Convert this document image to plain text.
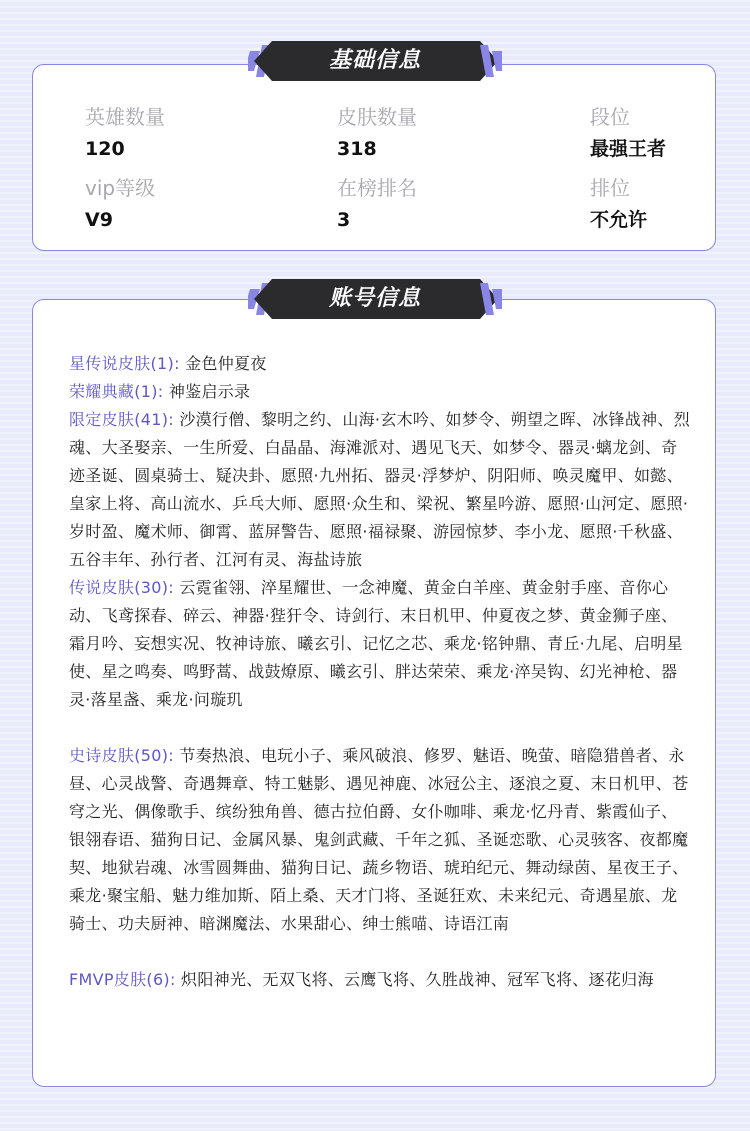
英雄数量
120
皮肤数量
318
段位
最强王者
vip等级
V9
在榜排名
3
排位
不允许
基础信息
星传说皮肤(1): 金色仲夏夜
荣耀典藏(1): 神鉴启示录
限定皮肤(41): 沙漠行僧、黎明之约、山海·玄木吟、如梦令、朔望之晖、冰锋战神、烈魂、大圣娶亲、一生所爱、白晶晶、海滩派对、遇见飞天、如梦令、器灵·螭龙剑、奇迹圣诞、圆桌骑士、疑决卦、愿照·九州拓、器灵·浮梦炉、阴阳师、唤灵魔甲、如懿、皇家上将、高山流水、乒乓大师、愿照·众生和、梁祝、繁星吟游、愿照·山河定、愿照·岁时盈、魔术师、御霄、蓝屏警告、愿照·福禄聚、游园惊梦、李小龙、愿照·千秋盛、五谷丰年、孙行者、江河有灵、海盐诗旅
传说皮肤(30): 云霓雀翎、淬星耀世、一念神魔、黄金白羊座、黄金射手座、音你心动、飞鸢探春、碎云、神器·狴犴令、诗剑行、末日机甲、仲夏夜之梦、黄金狮子座、霜月吟、妄想实况、牧神诗旅、曦玄引、记忆之芯、乘龙·铭钟鼎、青丘·九尾、启明星使、星之鸣奏、鸣野蒿、战鼓燎原、曦玄引、胖达荣荣、乘龙·淬吴钩、幻光神枪、器灵·落星盏、乘龙·问璇玑
史诗皮肤(50): 节奏热浪、电玩小子、乘风破浪、修罗、魅语、晚萤、暗隐猎兽者、永昼、心灵战警、奇遇舞章、特工魅影、遇见神鹿、冰冠公主、逐浪之夏、末日机甲、苍穹之光、偶像歌手、缤纷独角兽、德古拉伯爵、女仆咖啡、乘龙·忆丹青、紫霞仙子、银翎春语、猫狗日记、金属风暴、鬼剑武藏、千年之狐、圣诞恋歌、心灵骇客、夜都魔契、地狱岩魂、冰雪圆舞曲、猫狗日记、蔬乡物语、琥珀纪元、舞动绿茵、星夜王子、乘龙·聚宝船、魅力维加斯、陌上桑、天才门将、圣诞狂欢、未来纪元、奇遇星旅、龙骑士、功夫厨神、暗渊魔法、水果甜心、绅士熊喵、诗语江南
FMVP皮肤(6): 炽阳神光、无双飞将、云鹰飞将、久胜战神、冠军飞将、逐花归海
账号信息
